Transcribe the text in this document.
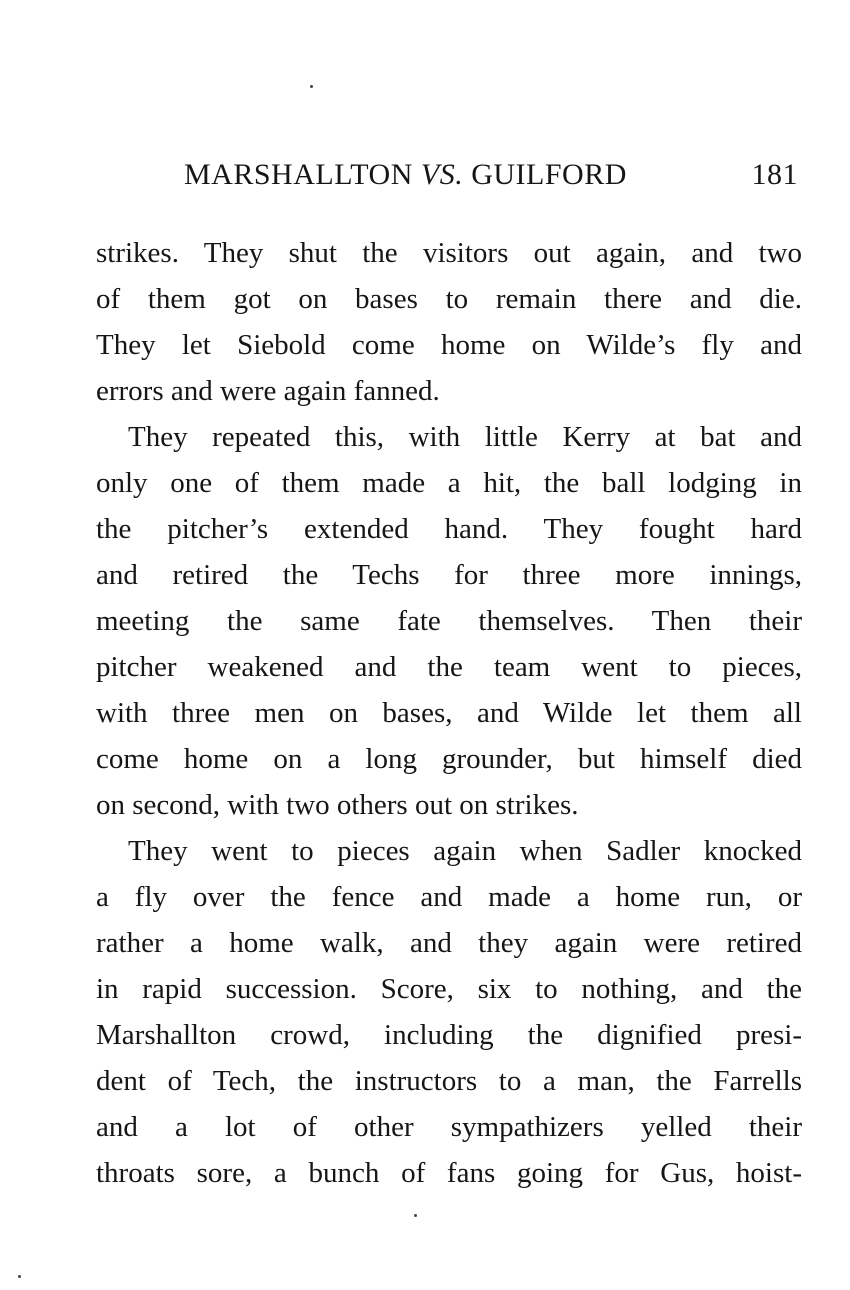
MARSHALLTON VS. GUILFORD	181
strikes. They shut the visitors out again, and two
of them got on bases to remain there and die.
They let Siebold come home on Wilde’s fly and
errors and were again fanned.
They repeated this, with little Kerry at bat and
only one of them made a hit, the ball lodging in
the pitcher’s extended hand. They fought hard
and retired the Techs for three more innings,
meeting the same fate themselves. Then their
pitcher weakened and the team went to pieces,
with three men on bases, and Wilde let them all
come home on a long grounder, but himself died
on second, with two others out on strikes.
They went to pieces again when Sadler knocked
a fly over the fence and made a home run, or
rather a home walk, and they again were retired
in rapid succession. Score, six to nothing, and the
Marshallton crowd, including the dignified presi-
dent of Tech, the instructors to a man, the Farrells
and a lot of other sympathizers yelled their
throats sore, a bunch of fans going for Gus, hoist-
